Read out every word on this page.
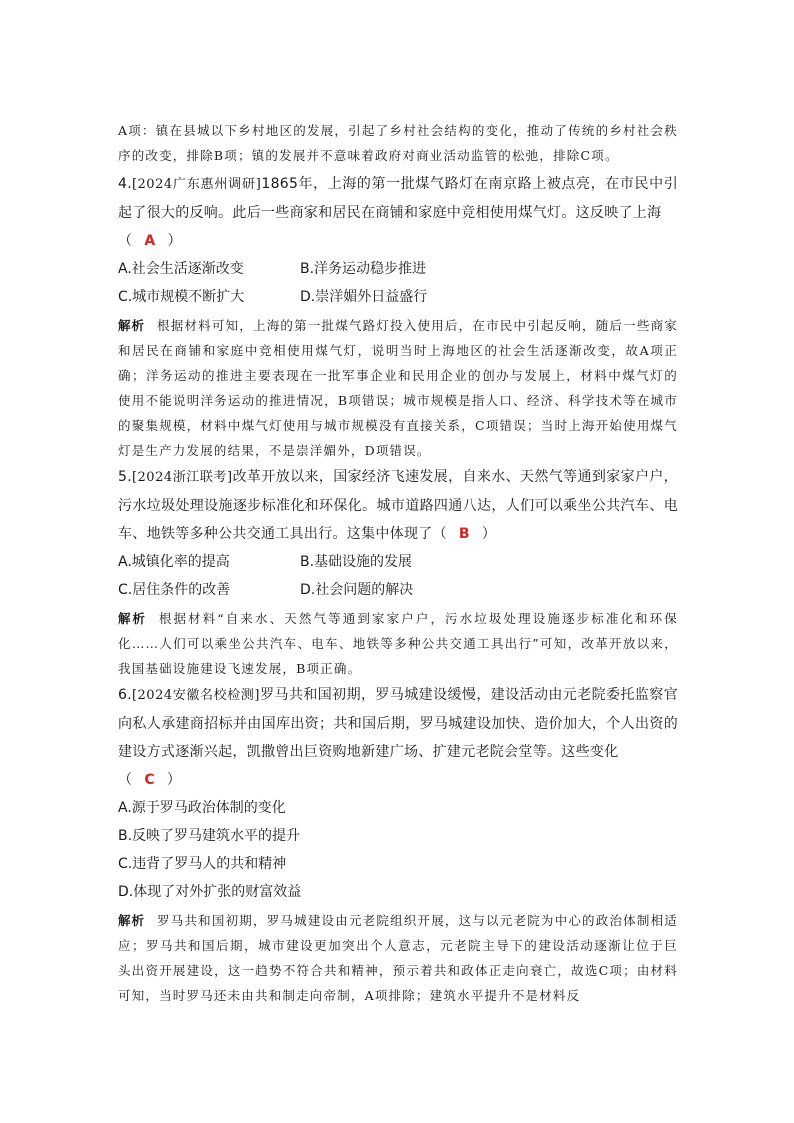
A项：镇在县城以下乡村地区的发展，引起了乡村社会结构的变化，推动了传统的乡村社会秩序的改变，排除B项；镇的发展并不意味着政府对商业活动监管的松弛，排除C项。

4.[2024广东惠州调研]1865年，上海的第一批煤气路灯在南京路上被点亮，在市民中引起了很大的反响。此后一些商家和居民在商铺和家庭中竞相使用煤气灯。这反映了上海

（ A ）

A.社会生活逐渐改变	B.洋务运动稳步推进
C.城市规模不断扩大	D.崇洋媚外日益盛行

解析 根据材料可知，上海的第一批煤气路灯投入使用后，在市民中引起反响，随后一些商家和居民在商铺和家庭中竞相使用煤气灯，说明当时上海地区的社会生活逐渐改变，故A项正确；洋务运动的推进主要表现在一批军事企业和民用企业的创办与发展上，材料中煤气灯的使用不能说明洋务运动的推进情况，B项错误；城市规模是指人口、经济、科学技术等在城市的聚集规模，材料中煤气灯使用与城市规模没有直接关系，C项错误；当时上海开始使用煤气灯是生产力发展的结果，不是崇洋媚外，D项错误。

5.[2024浙江联考]改革开放以来，国家经济飞速发展，自来水、天然气等通到家家户户，污水垃圾处理设施逐步标准化和环保化。城市道路四通八达，人们可以乘坐公共汽车、电车、地铁等多种公共交通工具出行。这集中体现了（ B ）

A.城镇化率的提高	B.基础设施的发展
C.居住条件的改善	D.社会问题的解决

解析 根据材料“自来水、天然气等通到家家户户，污水垃圾处理设施逐步标准化和环保化……人们可以乘坐公共汽车、电车、地铁等多种公共交通工具出行”可知，改革开放以来，我国基础设施建设飞速发展，B项正确。

6.[2024安徽名校检测]罗马共和国初期，罗马城建设缓慢，建设活动由元老院委托监察官向私人承建商招标并由国库出资；共和国后期，罗马城建设加快、造价加大，个人出资的建设方式逐渐兴起，凯撒曾出巨资购地新建广场、扩建元老院会堂等。这些变化

（ C ）

A.源于罗马政治体制的变化
B.反映了罗马建筑水平的提升
C.违背了罗马人的共和精神
D.体现了对外扩张的财富效益

解析 罗马共和国初期，罗马城建设由元老院组织开展，这与以元老院为中心的政治体制相适应；罗马共和国后期，城市建设更加突出个人意志，元老院主导下的建设活动逐渐让位于巨头出资开展建设，这一趋势不符合共和精神，预示着共和政体正走向衰亡，故选C项；由材料可知，当时罗马还未由共和制走向帝制，A项排除；建筑水平提升不是材料反
